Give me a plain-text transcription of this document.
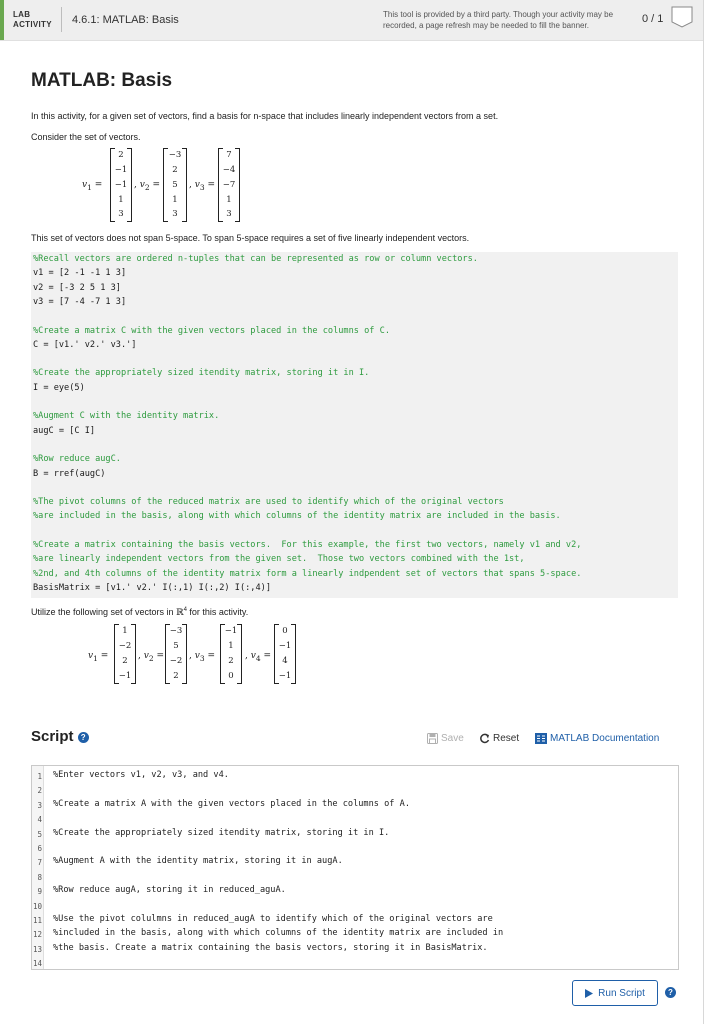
LAB
ACTIVITY 4.6.1: MATLAB: Basis	This tool is provided by a third party. Though your activity may be recorded, a page refresh may be needed to fill the banner.
0 / 1
MATLAB: Basis
In this activity, for a given set of vectors, find a basis for n-space that includes linearly independent vectors from a set.
Consider the set of vectors.
$v_1$ =
2
−1
−1
1
3
, $v_2$ =
−3
2
5
1
3
, $v_3$ =
7
−4
−7
1
3
This set of vectors does not span 5-space. To span 5-space requires a set of five linearly independent vectors.
%Recall vectors are ordered n-tuples that can be represented as row or column vectors.
v1 = [2 -1 -1 1 3]
v2 = [-3 2 5 1 3]
v3 = [7 -4 -7 1 3]
%Create a matrix C with the given vectors placed in the columns of C.
C = [v1.' v2.' v3.']
%Create the appropriately sized itendity matrix, storing it in I.
I = eye(5)
%Augment C with the identity matrix.
augC = [C I]
%Row reduce augC.
B = rref(augC)
%The pivot columns of the reduced matrix are used to identify which of the original vectors
%are included in the basis, along with which columns of the identity matrix are included in the basis.
%Create a matrix containing the basis vectors.  For this example, the first two vectors, namely v1 and v2,
%are linearly independent vectors from the given set.  Those two vectors combined with the 1st,
%2nd, and 4th columns of the identity matrix form a linearly indpendent set of vectors that spans 5-space.
BasisMatrix = [v1.' v2.' I(:,1) I(:,2) I(:,4)]
Utilize the following set of vectors in ℝ$^4$ for this activity.
$v_1$ =
1
−2
2
−1
, $v_2$ =
−3
5
−2
2
, $v_3$ =
−1
1
2
0
, $v_4$ =
0
−1
4
−1
Script ?	Save	Reset	MATLAB Documentation
1
2
3
4
5
6
7
8
9
10
11
12
13
14
%Enter vectors v1, v2, v3, and v4.
%Create a matrix A with the given vectors placed in the columns of A.
%Create the appropriately sized itendity matrix, storing it in I.
%Augment A with the identity matrix, storing it in augA.
%Row reduce augA, storing it in reduced_aguA.
%Use the pivot colulmns in reduced_augA to identify which of the original vectors are
%included in the basis, along with which columns of the identity matrix are included in
%the basis. Create a matrix containing the basis vectors, storing it in BasisMatrix.
Run Script	?
